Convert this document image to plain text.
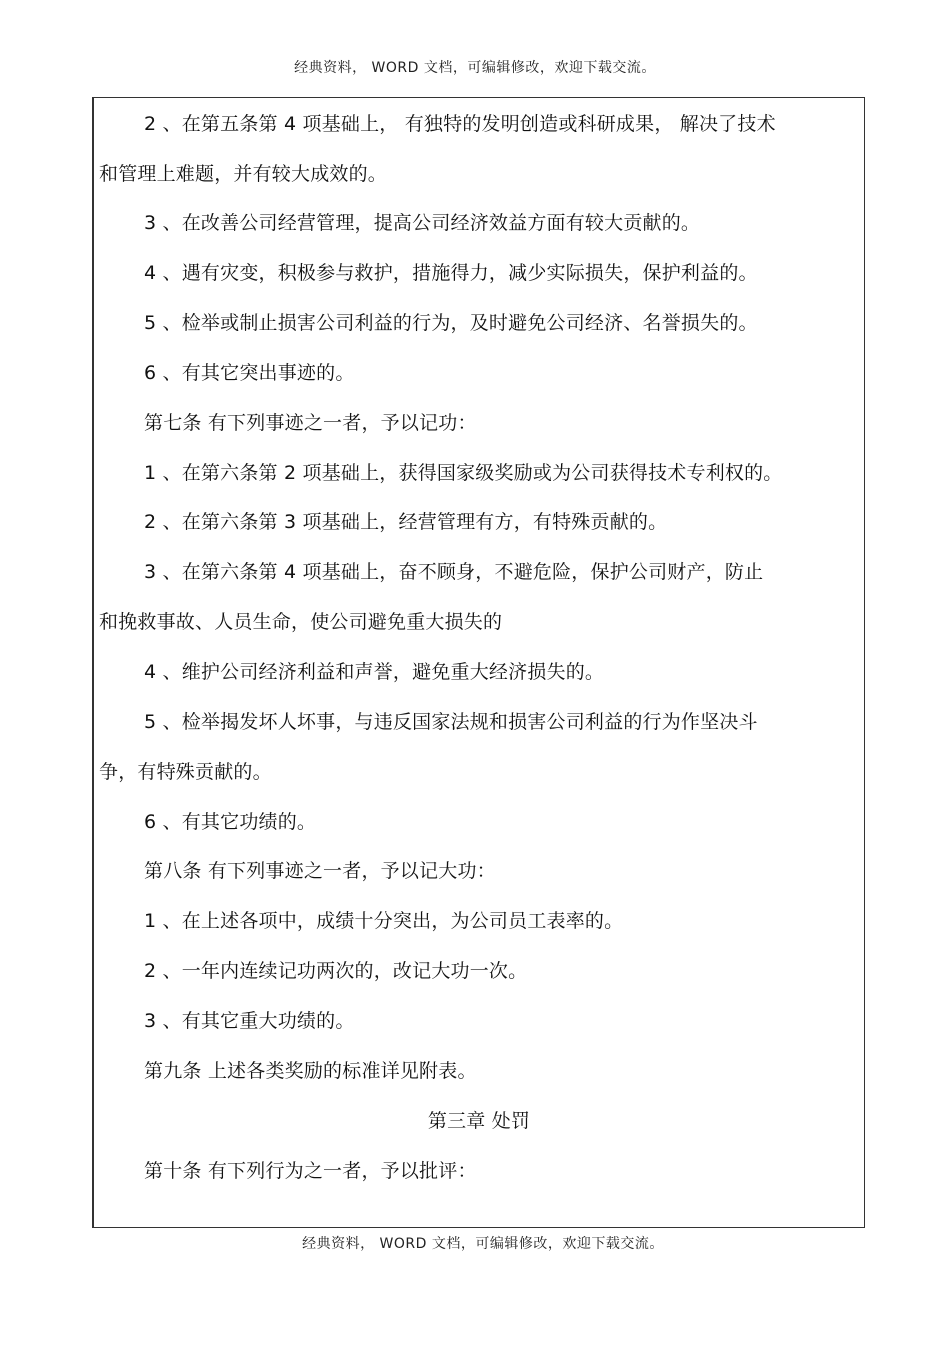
经典资料， WORD 文档，可编辑修改，欢迎下载交流。
2 、在第五条第 4 项基础上， 有独特的发明创造或科研成果， 解决了技术
和管理上难题，并有较大成效的。
3 、在改善公司经营管理，提高公司经济效益方面有较大贡献的。
4 、遇有灾变，积极参与救护，措施得力，减少实际损失，保护利益的。
5 、检举或制止损害公司利益的行为，及时避免公司经济、名誉损失的。
6 、有其它突出事迹的。
第七条 有下列事迹之一者，予以记功：
1 、在第六条第 2 项基础上，获得国家级奖励或为公司获得技术专利权的。
2 、在第六条第 3 项基础上，经营管理有方，有特殊贡献的。
3 、在第六条第 4 项基础上，奋不顾身，不避危险，保护公司财产，防止
和挽救事故、人员生命，使公司避免重大损失的
4 、维护公司经济利益和声誉，避免重大经济损失的。
5 、检举揭发坏人坏事，与违反国家法规和损害公司利益的行为作坚决斗
争，有特殊贡献的。
6 、有其它功绩的。
第八条 有下列事迹之一者，予以记大功：
1 、在上述各项中，成绩十分突出，为公司员工表率的。
2 、一年内连续记功两次的，改记大功一次。
3 、有其它重大功绩的。
第九条 上述各类奖励的标准详见附表。
第三章 处罚
第十条 有下列行为之一者，予以批评：
经典资料， WORD 文档，可编辑修改，欢迎下载交流。
